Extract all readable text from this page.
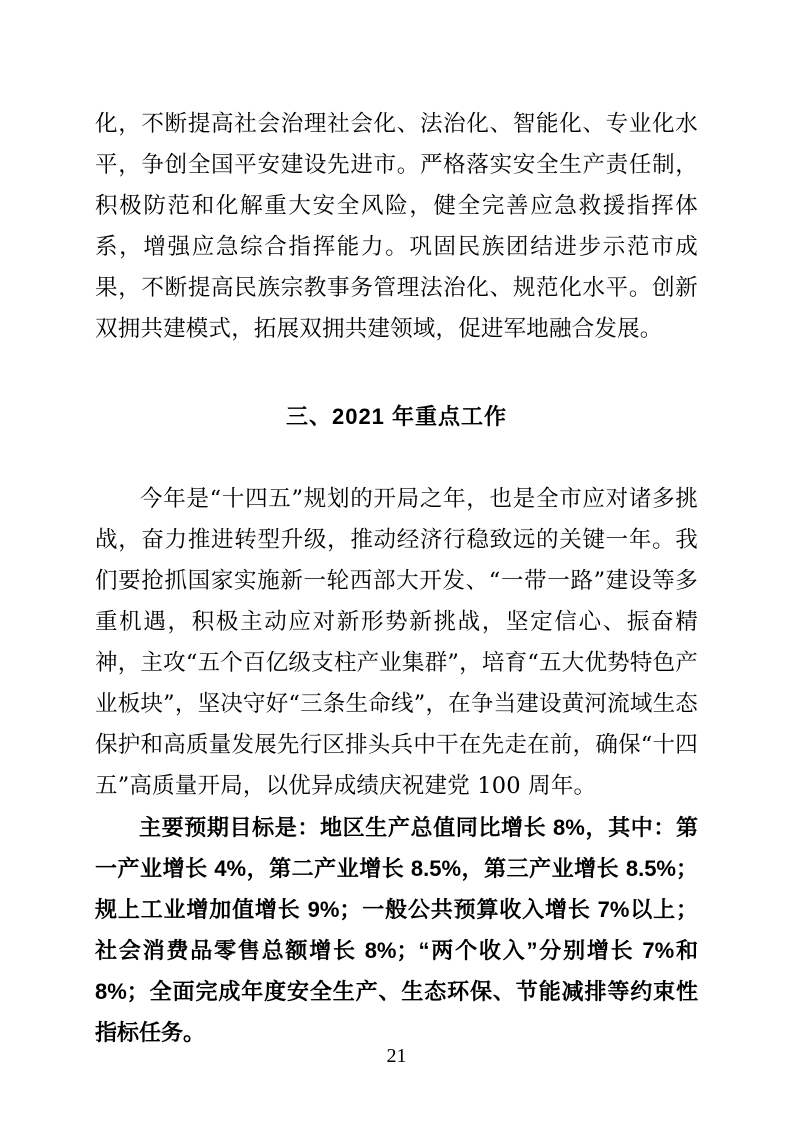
化，不断提高社会治理社会化、法治化、智能化、专业化水平，争创全国平安建设先进市。严格落实安全生产责任制，积极防范和化解重大安全风险，健全完善应急救援指挥体系，增强应急综合指挥能力。巩固民族团结进步示范市成果，不断提高民族宗教事务管理法治化、规范化水平。创新双拥共建模式，拓展双拥共建领域，促进军地融合发展。

三、2021 年重点工作

今年是“十四五”规划的开局之年，也是全市应对诸多挑战，奋力推进转型升级，推动经济行稳致远的关键一年。我们要抢抓国家实施新一轮西部大开发、“一带一路”建设等多重机遇，积极主动应对新形势新挑战，坚定信心、振奋精神，主攻“五个百亿级支柱产业集群”，培育“五大优势特色产业板块”，坚决守好“三条生命线”，在争当建设黄河流域生态保护和高质量发展先行区排头兵中干在先走在前，确保“十四五”高质量开局，以优异成绩庆祝建党 100 周年。

主要预期目标是：地区生产总值同比增长 8%，其中：第一产业增长 4%，第二产业增长 8.5%，第三产业增长 8.5%；规上工业增加值增长 9%；一般公共预算收入增长 7%以上；社会消费品零售总额增长 8%；“两个收入”分别增长 7%和 8%；全面完成年度安全生产、生态环保、节能减排等约束性指标任务。

21
